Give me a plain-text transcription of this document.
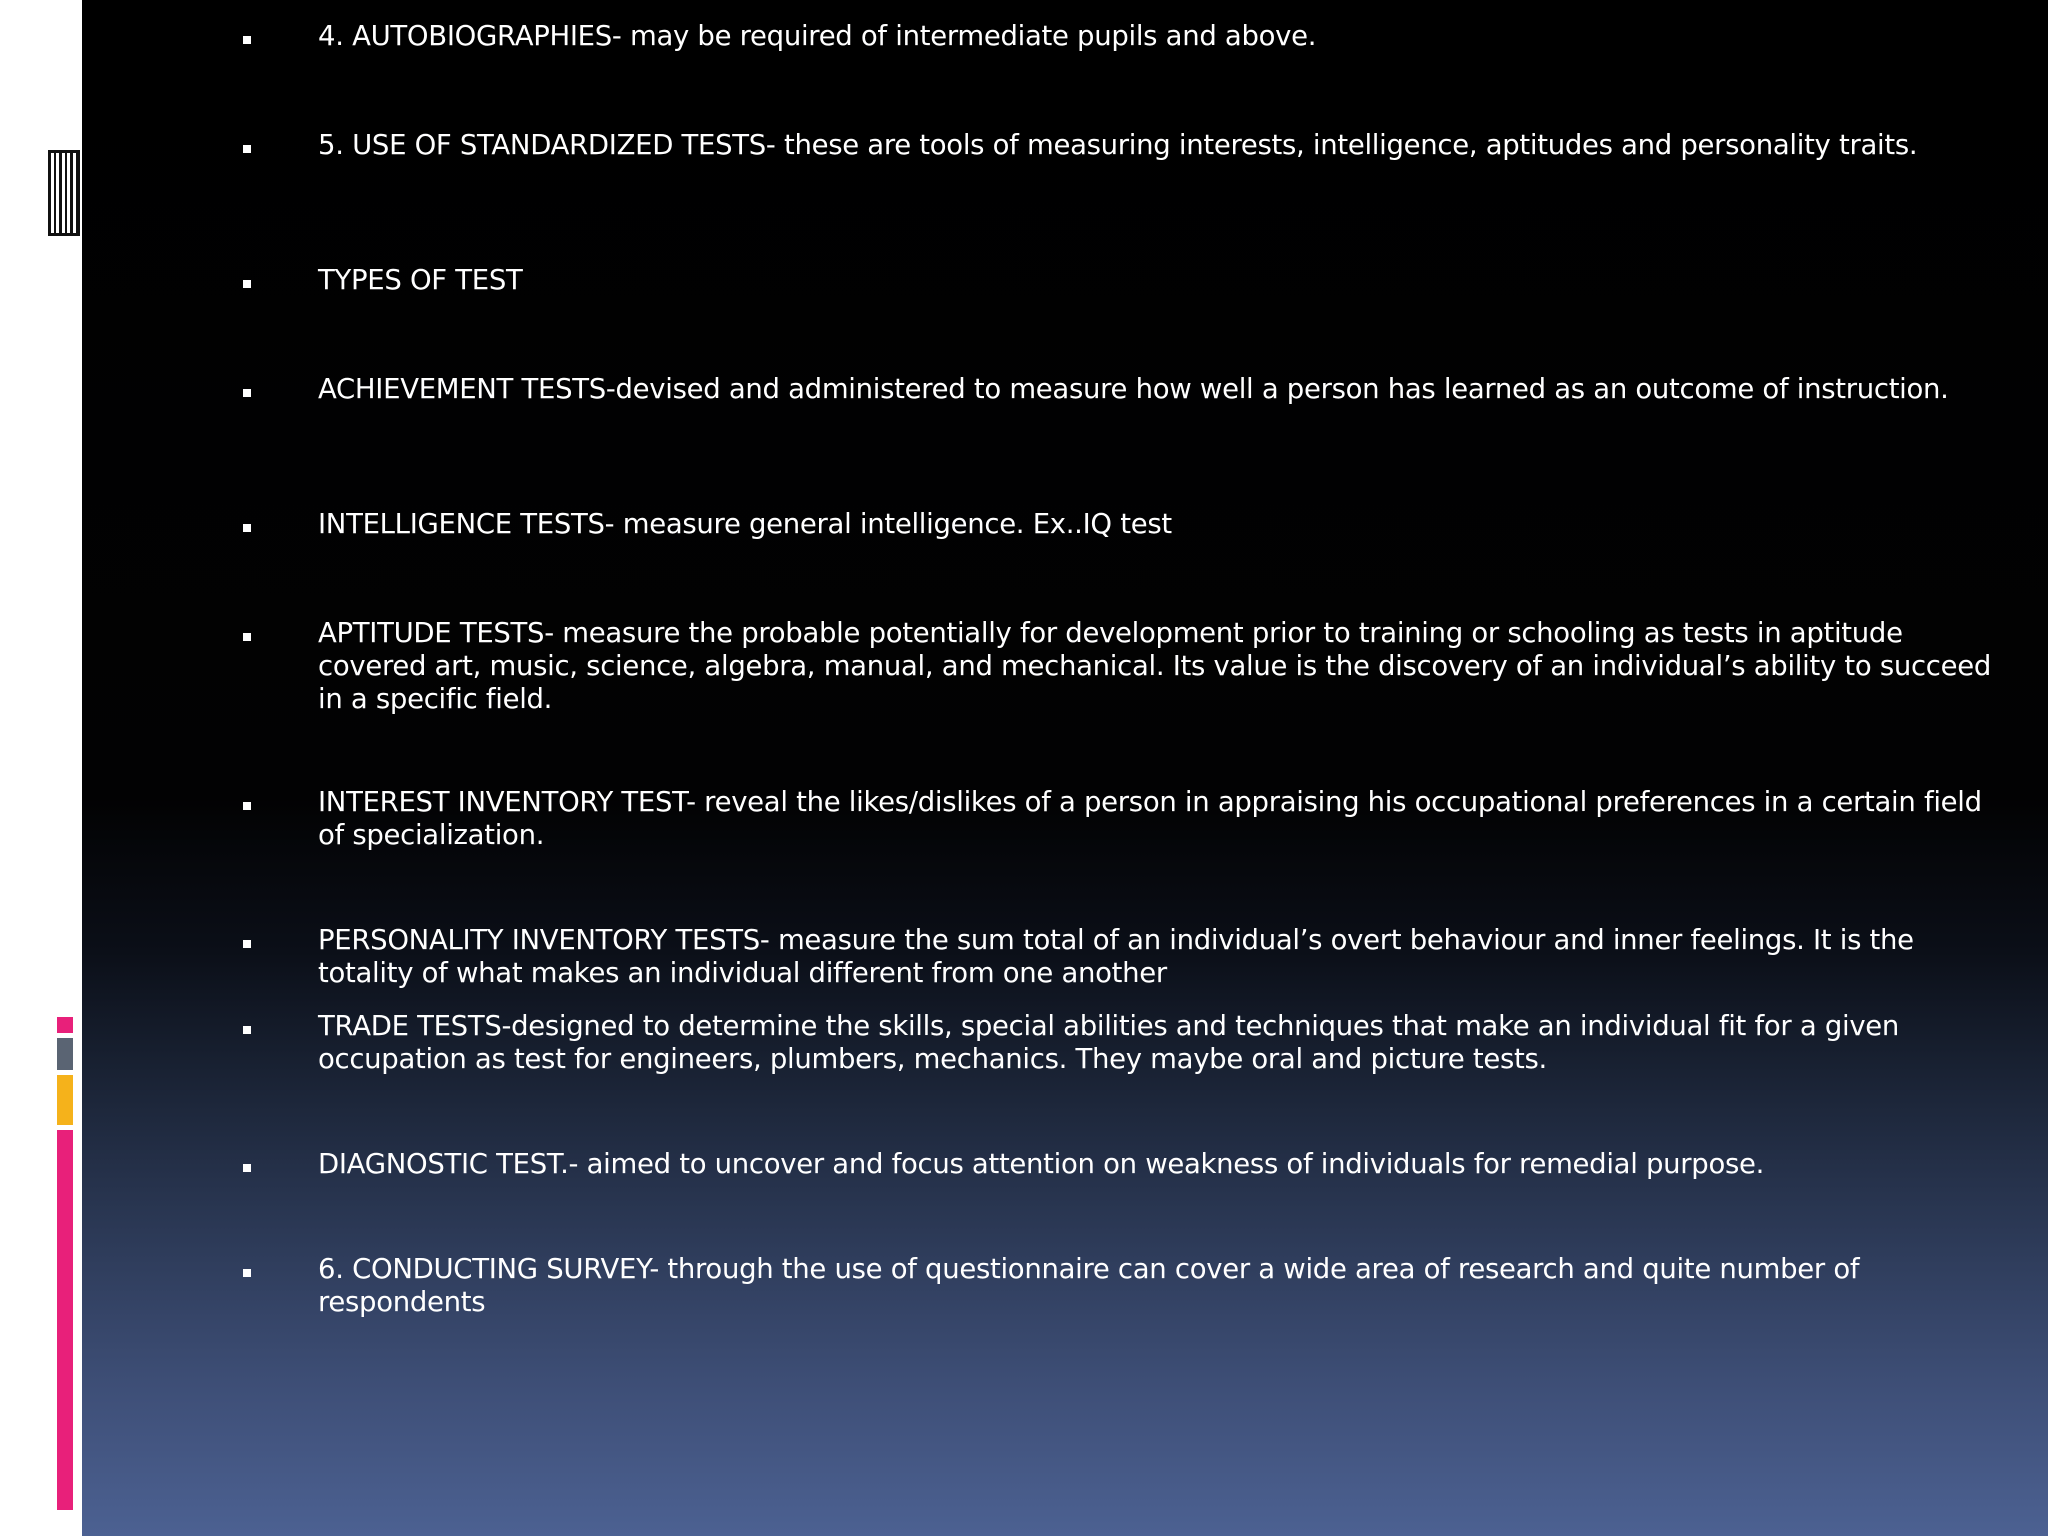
4. AUTOBIOGRAPHIES- may be required of intermediate pupils and above.

5. USE OF STANDARDIZED TESTS- these are tools of measuring interests, intelligence, aptitudes and personality traits.

TYPES OF TEST

ACHIEVEMENT TESTS-devised and administered to measure how well a person has learned as an outcome of instruction.

INTELLIGENCE TESTS- measure general intelligence. Ex..IQ test

APTITUDE TESTS- measure the probable potentially for development prior to training or schooling as tests in aptitude covered art, music, science, algebra, manual, and mechanical. Its value is the discovery of an individual’s ability to succeed in a specific field.

INTEREST INVENTORY TEST- reveal the likes/dislikes of a person in appraising his occupational preferences in a certain field of specialization.

PERSONALITY INVENTORY TESTS- measure the sum total of an individual’s overt behaviour and inner feelings. It is the totality of what makes an individual different from one another

TRADE TESTS-designed to determine the skills, special abilities and techniques that make an individual fit for a given occupation as test for engineers, plumbers, mechanics. They maybe oral and picture tests.

DIAGNOSTIC TEST.- aimed to uncover and focus attention on weakness of individuals for remedial purpose.

6. CONDUCTING SURVEY- through the use of questionnaire can cover a wide area of research and quite number of respondents
